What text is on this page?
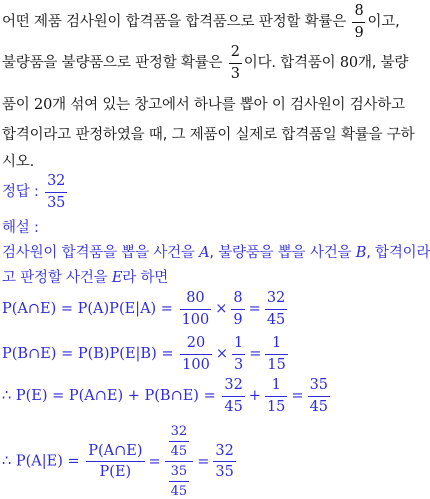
어떤 제품 검사원이 합격품을 합격품으로 판정할 확률은 $\frac{8}{9}$ 이고,
불량품을 불량품으로 판정할 확률은 $\frac{2}{3}$ 이다. 합격품이 80개, 불량
품이 20개 섞여 있는 창고에서 하나를 뽑아 이 검사원이 검사하고
합격이라고 판정하였을 때, 그 제품이 실제로 합격품일 확률을 구하
시오.
정답 : $\frac{32}{35}$
해설 :
검사원이 합격품을 뽑을 사건을 A, 불량품을 뽑을 사건을 B, 합격이라
고 판정할 사건을 E라 하면
P(A∩E) = $P(A)P(E|A) = \frac{80}{100} \times \frac{8}{9} = \frac{32}{45}$
P(B∩E) = $P(B)P(E|B) = \frac{20}{100} \times \frac{1}{3} = \frac{1}{15}$
∴ P(E) = P(A∩E) + P(B∩E) = $\frac{32}{45} + \frac{1}{15} = \frac{35}{45}$
∴ $P(A|E) = \frac{P(A\cap E)}{P(E)} = \frac{\frac{32}{45}}{\frac{35}{45}} = \frac{32}{35}$
